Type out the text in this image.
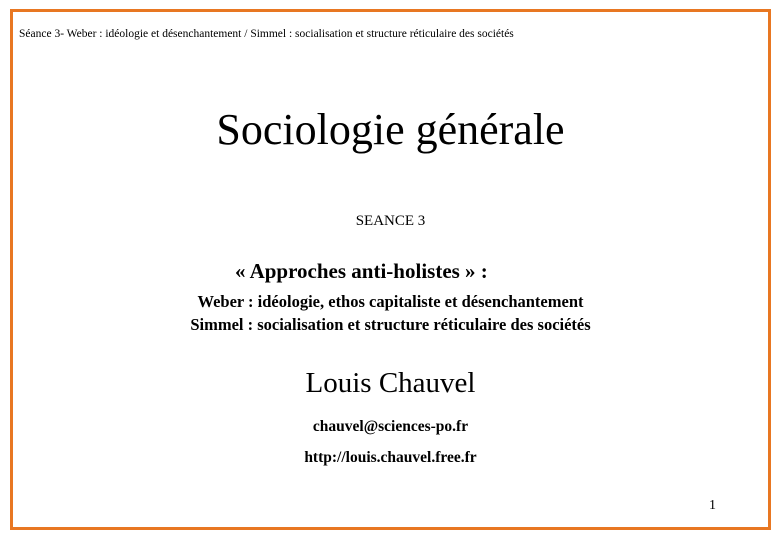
Séance 3- Weber : idéologie et désenchantement / Simmel : socialisation et structure réticulaire des sociétés
Sociologie générale
SEANCE 3
« Approches anti-holistes » :
Weber : idéologie, ethos capitaliste et désenchantement
Simmel : socialisation et structure réticulaire des sociétés
Louis Chauvel
chauvel@sciences-po.fr
http://louis.chauvel.free.fr
1
